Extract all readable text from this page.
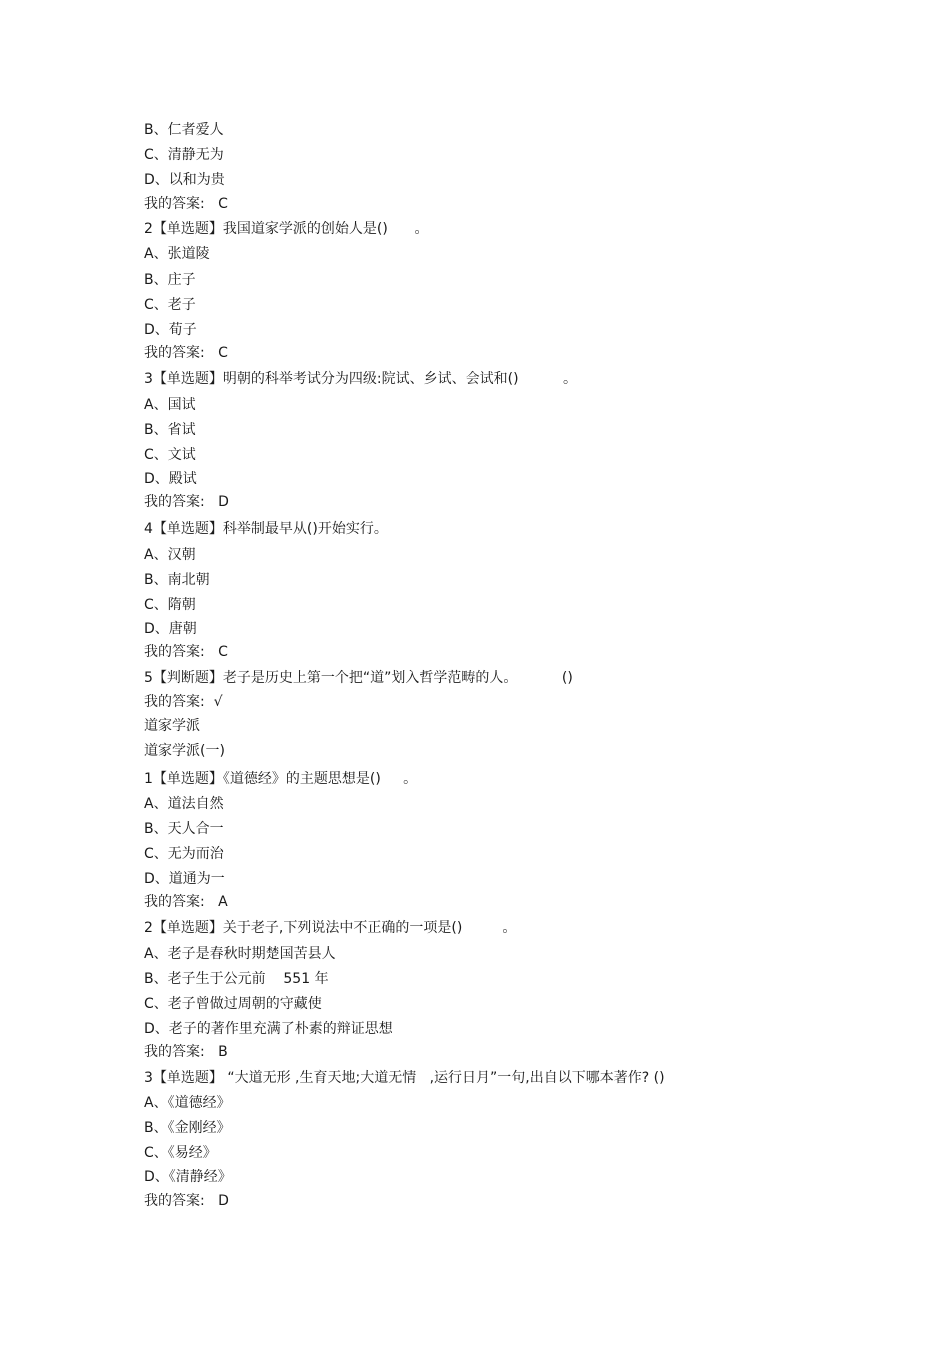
B、仁者爱人
C、清静无为
D、以和为贵
我的答案:   C
2【单选题】我国道家学派的创始人是()      。
A、张道陵
B、庄子
C、老子
D、荀子
我的答案:   C
3【单选题】明朝的科举考试分为四级:院试、乡试、会试和()          。
A、国试
B、省试
C、文试
D、殿试
我的答案:   D
4【单选题】科举制最早从()开始实行。
A、汉朝
B、南北朝
C、隋朝
D、唐朝
我的答案:   C
5【判断题】老子是历史上第一个把“道”划入哲学范畴的人。          ()
我的答案:  √
道家学派
道家学派(一)
1【单选题】《道德经》的主题思想是()     。
A、道法自然
B、天人合一
C、无为而治
D、道通为一
我的答案:   A
2【单选题】关于老子,下列说法中不正确的一项是()         。
A、老子是春秋时期楚国苦县人
B、老子生于公元前    551 年
C、老子曾做过周朝的守藏使
D、老子的著作里充满了朴素的辩证思想
我的答案:   B
3【单选题】 “大道无形 ,生育天地;大道无情   ,运行日月”一句,出自以下哪本著作? ()
A、《道德经》
B、《金刚经》
C、《易经》
D、《清静经》
我的答案:   D
